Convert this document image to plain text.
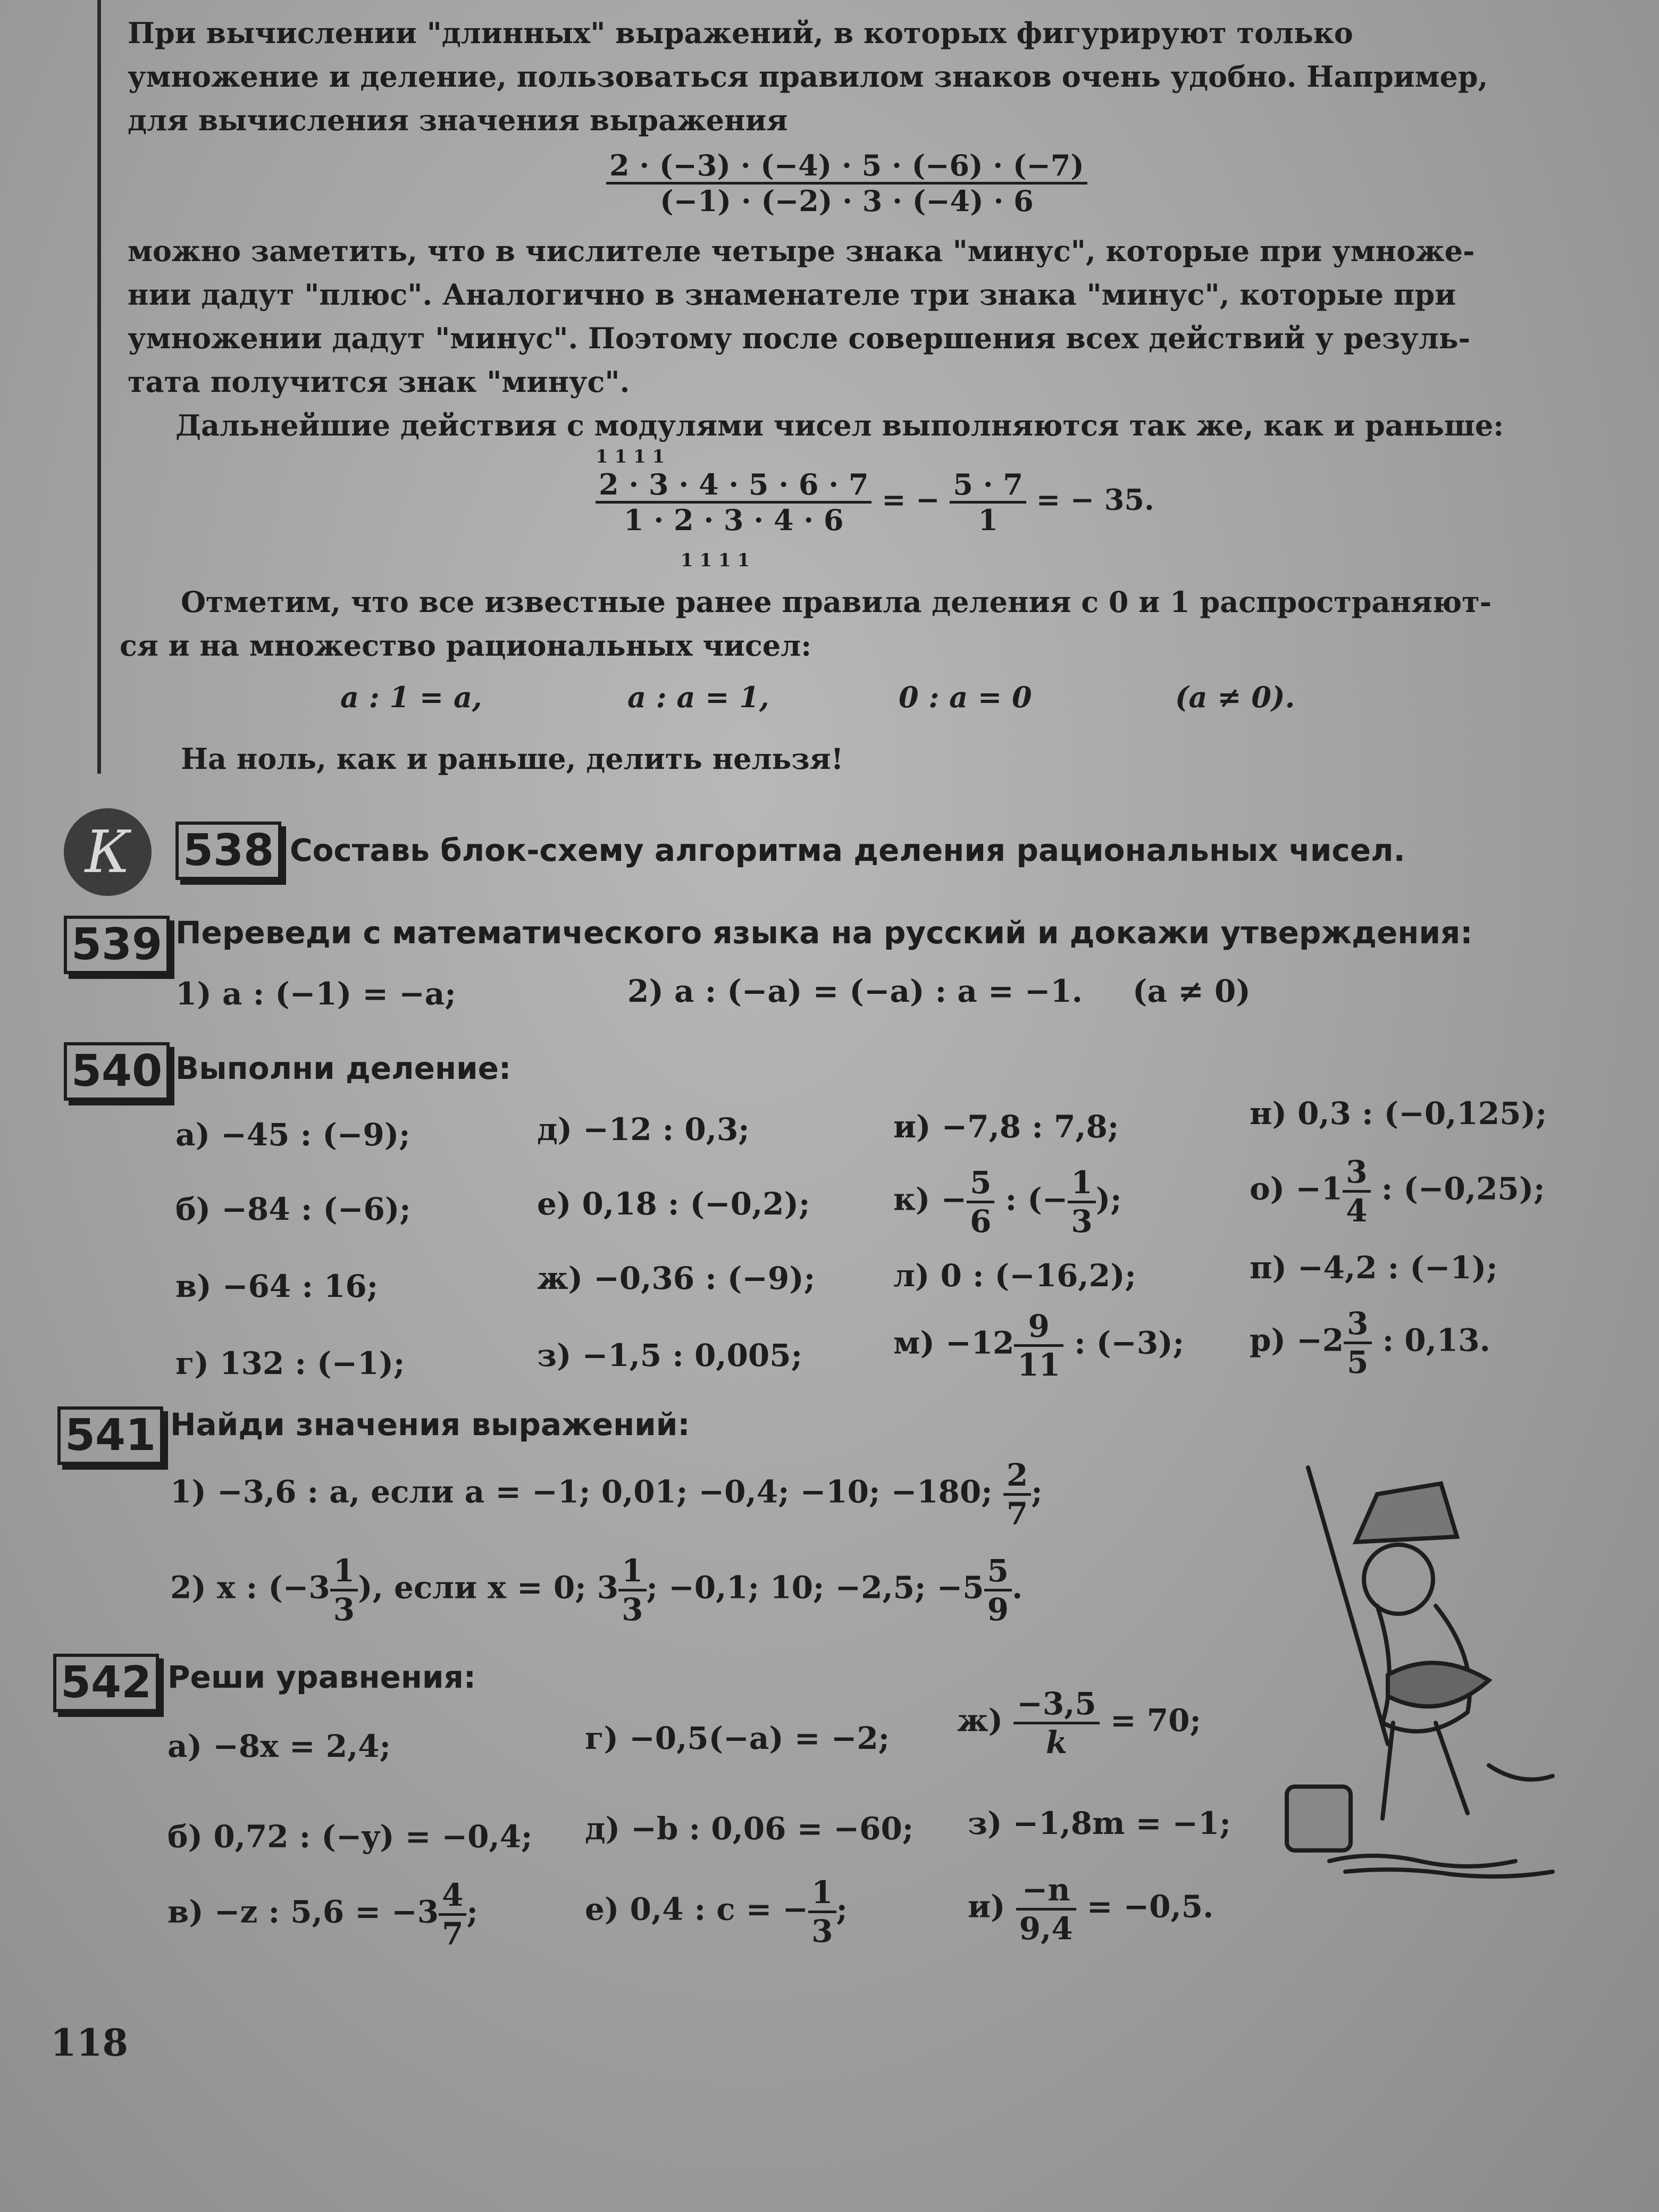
При вычислении "длинных" выражений, в которых фигурируют только

умножение и деление, пользоваться правилом знаков очень удобно. Например,

для вычисления значения выражения

$\frac{2 \cdot (-3) \cdot (-4) \cdot 5 \cdot (-6) \cdot (-7)}{(-1) \cdot (-2) \cdot 3 \cdot (-4) \cdot 6}$

можно заметить, что в числителе четыре знака "минус", которые при умноже-

нии дадут "плюс". Аналогично в знаменателе три знака "минус", которые при

умножении дадут "минус". Поэтому после совершения всех действий у резуль-

тата получится знак "минус".

Дальнейшие действия с модулями чисел выполняются так же, как и раньше:

1 1 1 1
$\frac{2 \cdot 3 \cdot 4 \cdot 5 \cdot 6 \cdot 7}{1 \cdot 2 \cdot 3 \cdot 4 \cdot 6}$ = − $\frac{5 \cdot 7}{1}$ = − 35.
1 1 1 1

Отметим, что все известные ранее правила деления с 0 и 1 распространяют-

ся и на множество рациональных чисел:

a : 1 = a,	a : a = 1,	0 : a = 0	(a ≠ 0).

На ноль, как и раньше, делить нельзя!

К	538 Составь блок-схему алгоритма деления рациональных чисел.
539 Переведи с математического языка на русский и докажи утверждения:
1) a : (−1) = −a;	2) a : (−a) = (−a) : a = −1. (a ≠ 0)
540 Выполни деление:
а) −45 : (−9);
б) −84 : (−6);
в) −64 : 16;
г) 132 : (−1);
д) −12 : 0,3;
е) 0,18 : (−0,2);
ж) −0,36 : (−9);
з) −1,5 : 0,005;
и) −7,8 : 7,8;
$к) - \frac{5}{6}$ : (− $\frac{1}{3}$ );
л) 0 : (−16,2);
$м) -12 \frac{9}{11}$ : (−3);
н) 0,3 : (−0,125);
$о) -1 \frac{3}{4}$ : (−0,25);
п) −4,2 : (−1);
$р) -2 \frac{3}{5}$ : 0,13.
541 Найди значения выражений:
1) −3,6 : a, если a = −1; 0,01; −0,4; −10; −180; $\frac{2}{7}$ ;
2) x : ($-3 \frac{1}{3}$ ), если x = 0; $3 \frac{1}{3}$ ; −0,1; 10; −2,5; $-5 \frac{5}{9}$ .
542 Реши уравнения:
а) −8x = 2,4;
б) 0,72 : (−y) = −0,4;
в) −z : $5,6 = -3 \frac{4}{7}$ ;
г) −0,5(−a) = −2;
д) −b : 0,06 = −60;
е) 0,4 : c = − $\frac{1}{3}$ ;
$ж) \frac{-3,5}{k} = 70$;
з) −1,8m = −1;
$и) \frac{-n}{9,4} = -0,5$.
118
